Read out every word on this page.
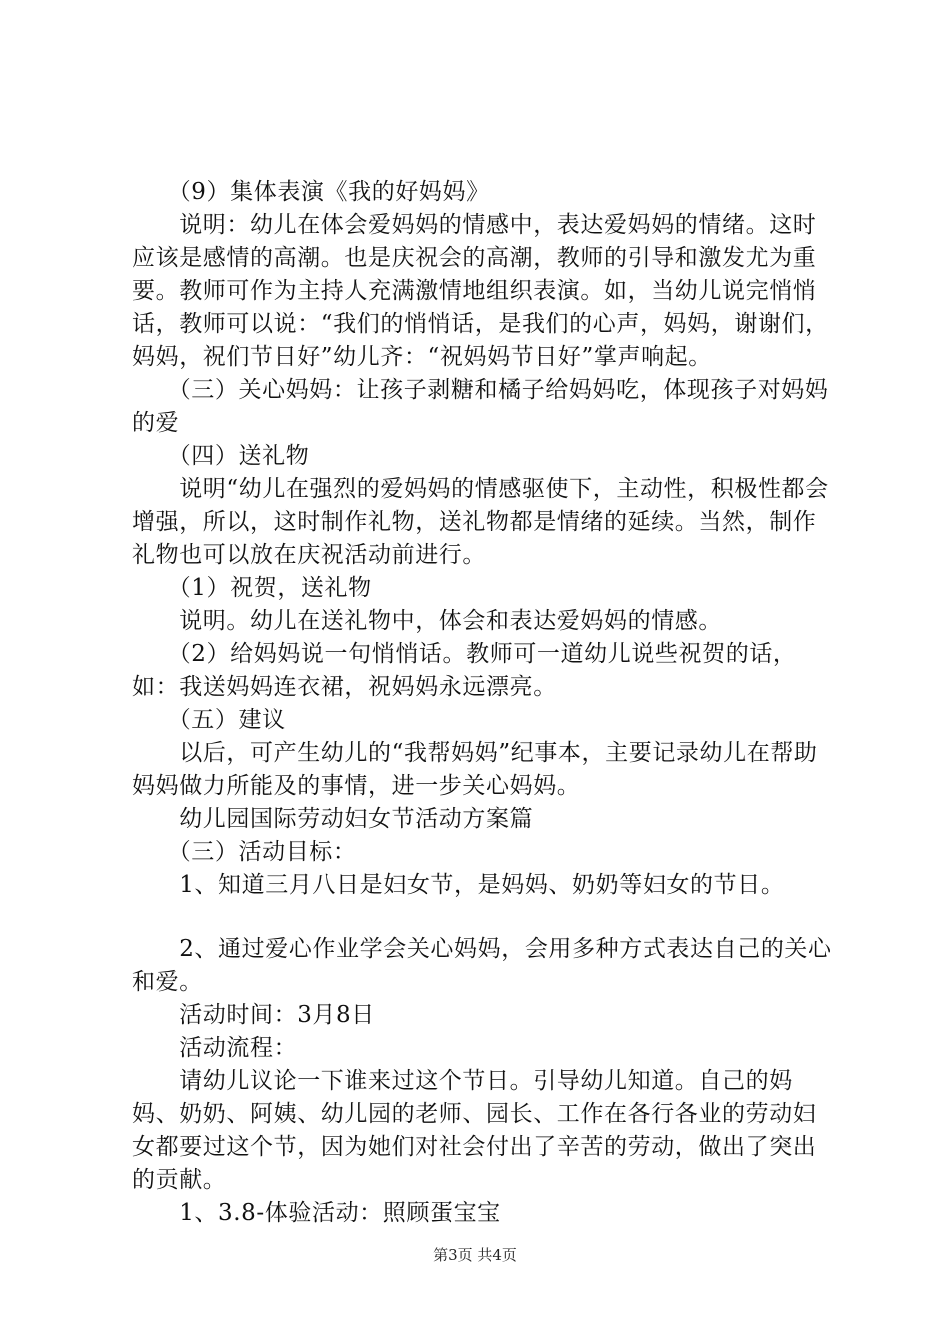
　　（9）集体表演《我的好妈妈》

　　说明：幼儿在体会爱妈妈的情感中，表达爱妈妈的情绪。这时应该是感情的高潮。也是庆祝会的高潮，教师的引导和激发尤为重要。教师可作为主持人充满激情地组织表演。如，当幼儿说完悄悄话，教师可以说：“我们的悄悄话，是我们的心声，妈妈，谢谢们，妈妈，祝们节日好”幼儿齐：“祝妈妈节日好”掌声响起。

　　（三）关心妈妈：让孩子剥糖和橘子给妈妈吃，体现孩子对妈妈的爱

　　（四）送礼物

　　说明“幼儿在强烈的爱妈妈的情感驱使下，主动性，积极性都会增强，所以，这时制作礼物，送礼物都是情绪的延续。当然，制作礼物也可以放在庆祝活动前进行。

　　（1）祝贺，送礼物

　　说明。幼儿在送礼物中，体会和表达爱妈妈的情感。

　　（2）给妈妈说一句悄悄话。教师可一道幼儿说些祝贺的话，如：我送妈妈连衣裙，祝妈妈永远漂亮。

　　（五）建议

　　以后，可产生幼儿的“我帮妈妈”纪事本，主要记录幼儿在帮助妈妈做力所能及的事情，进一步关心妈妈。

　　幼儿园国际劳动妇女节活动方案篇

　　（三）活动目标：

　　1、知道三月八日是妇女节，是妈妈、奶奶等妇女的节日。

　　2、通过爱心作业学会关心妈妈，会用多种方式表达自己的关心和爱。

　　活动时间：3月8日

　　活动流程：

　　请幼儿议论一下谁来过这个节日。引导幼儿知道。自己的妈妈、奶奶、阿姨、幼儿园的老师、园长、工作在各行各业的劳动妇女都要过这个节，因为她们对社会付出了辛苦的劳动，做出了突出的贡献。

　　1、3.8-体验活动：照顾蛋宝宝

第3页 共4页
